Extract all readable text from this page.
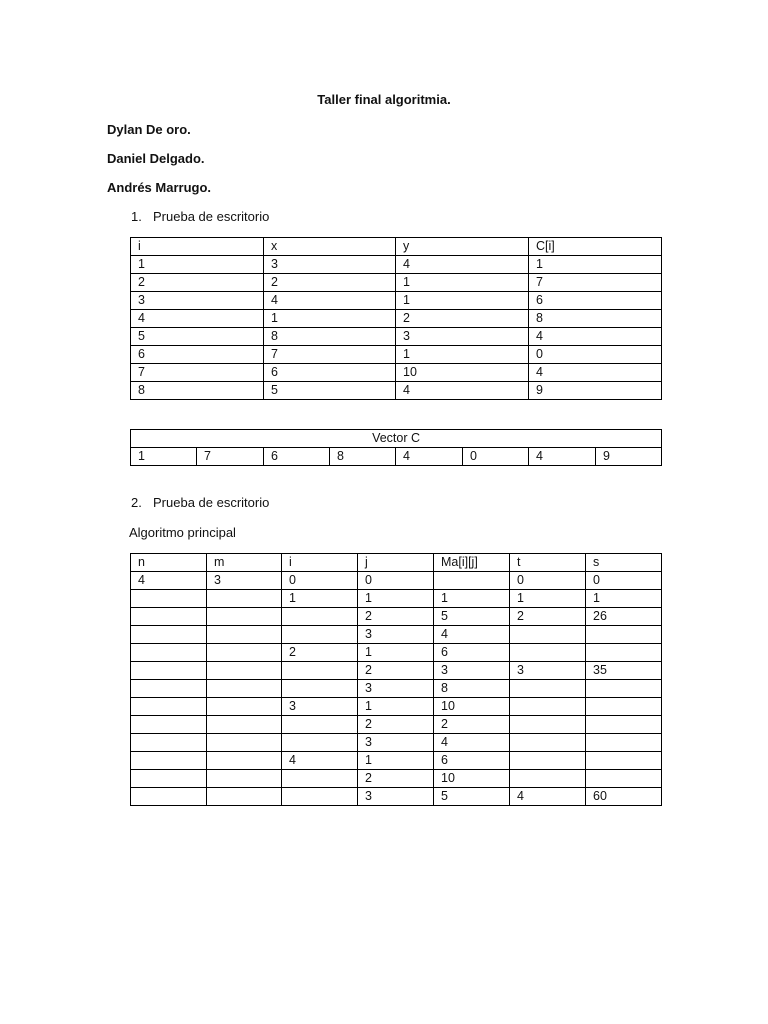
Taller final algoritmia.
Dylan De oro.
Daniel Delgado.
Andrés Marrugo.
1. Prueba de escritorio
i	x	y	C[i]
1	3	4	1
2	2	1	7
3	4	1	6
4	1	2	8
5	8	3	4
6	7	1	0
7	6	10	4
8	5	4	9
Vector C
1	7	6	8	4	0	4	9
2. Prueba de escritorio
Algoritmo principal
n	m	i	j	Ma[i][j]	t	s
4	3	0	0		0	0
		1	1	1	1	1
			2	5	2	26
			3	4		
		2	1	6		
			2	3	3	35
			3	8		
		3	1	10		
			2	2		
			3	4		
		4	1	6		
			2	10		
			3	5	4	60
